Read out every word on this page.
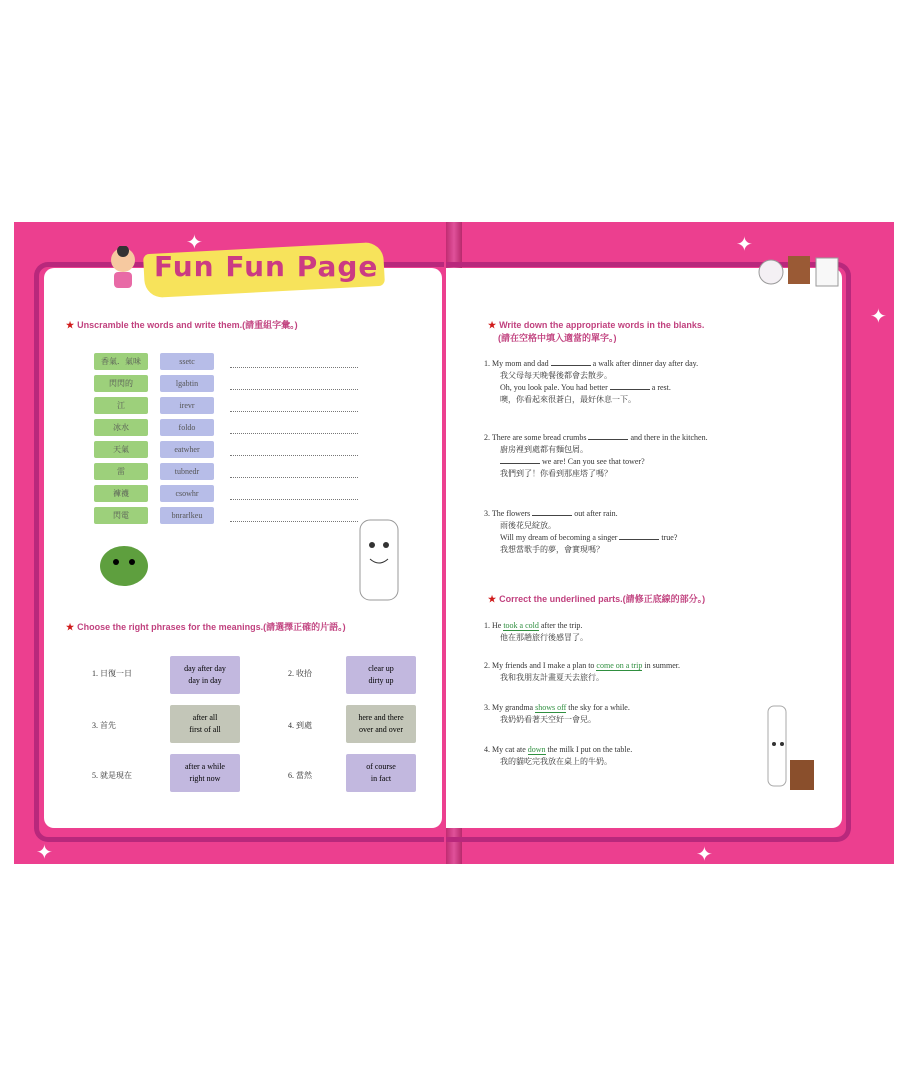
✦
✦
✦
✦
✦
Fun Fun Page
答案：a pair of socks
★ Unscramble the words and write them.(請重組字彙。)
香氣．氣味	ssetc
閃閃的	lgabtin
江	irevr
冰水	foldo
天氣	eatwher
雷	tubnedr
褲襪	csowhr
閃電	bnrarlkeu
★ Choose the right phrases for the meanings.(請選擇正確的片語。)
1. 日復一日
day after day
day in day
2. 收拾
clear up
dirty up
3. 首先
after all
first of all	4. 到處
here and there
over and over
5. 就是現在
after a while
right now	6. 當然
of course
in fact
★ Write down the appropriate words in the blanks.
(請在空格中填入適當的單字。)
1. My mom and dad	a walk after dinner day after day.
我父母每天晚餐後都會去散步。
Oh, you look pale. You had better	a rest.
噢，你看起來很蒼白，最好休息一下。
2. There are some bread crumbs	and there in the kitchen.
廚房裡到處都有麵包屑。
we are! Can you see that tower?
我們到了！你看到那座塔了嗎？
3. The flowers	out after rain.
雨後花兒綻放。
Will my dream of becoming a singer	true?
我想當歌手的夢，會實現嗎？
★ Correct the underlined parts.(請修正底線的部分。)
1. He took a cold after the trip.
他在那趟旅行後感冒了。
2. My friends and I make a plan to come on a trip in summer.
我和我朋友計畫夏天去旅行。
3. My grandma shows off the sky for a while.
我奶奶看著天空好一會兒。
4. My cat ate down the milk I put on the table.
我的貓吃完我放在桌上的牛奶。
